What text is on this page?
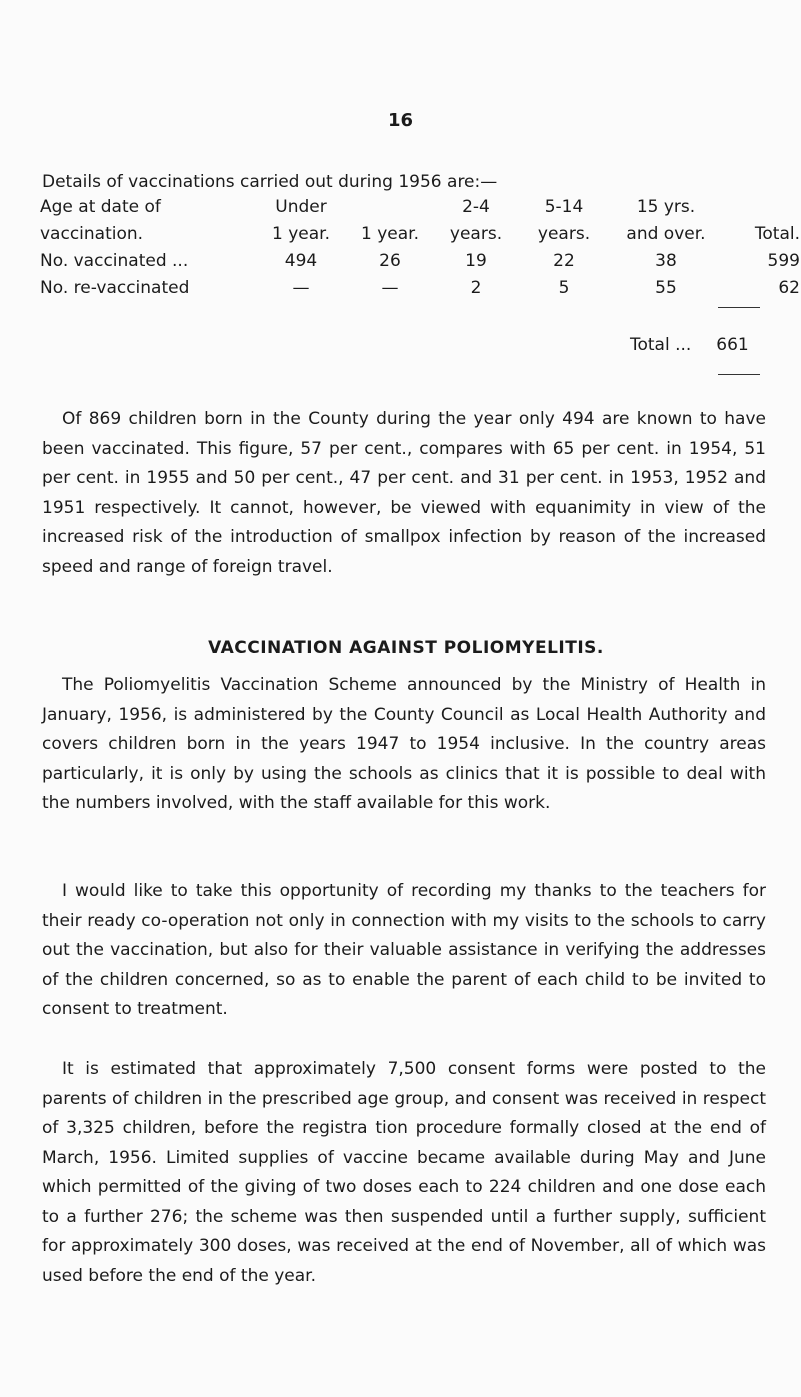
16
Details of vaccinations carried out during 1956 are:—
Age at date of	Under		2-4	5-14	15 yrs.	
vaccination.	1 year.	1 year.	years.	years.	and over.	Total.
No. vaccinated ...	494	26	19	22	38	599
No. re-vaccinated	—	—	2	5	55	62
Total ... 661

Of 869 children born in the County during the year only 494 are known to have been vaccinated. This figure, 57 per cent., compares with 65 per cent. in 1954, 51 per cent. in 1955 and 50 per cent., 47 per cent. and 31 per cent. in 1953, 1952 and 1951 respectively. It cannot, however, be viewed with equanimity in view of the increased risk of the introduction of smallpox infection by reason of the increased speed and range of foreign travel.

VACCINATION AGAINST POLIOMYELITIS.

The Poliomyelitis Vaccination Scheme announced by the Ministry of Health in January, 1956, is administered by the County Council as Local Health Authority and covers children born in the years 1947 to 1954 inclusive. In the country areas particularly, it is only by using the schools as clinics that it is possible to deal with the numbers involved, with the staff available for this work.

I would like to take this opportunity of recording my thanks to the teachers for their ready co-operation not only in connection with my visits to the schools to carry out the vaccination, but also for their valuable assistance in verifying the addresses of the children concerned, so as to enable the parent of each child to be invited to consent to treatment.

It is estimated that approximately 7,500 consent forms were posted to the parents of children in the prescribed age group, and consent was received in respect of 3,325 children, before the registra tion procedure formally closed at the end of March, 1956. Limited supplies of vaccine became available during May and June which permitted of the giving of two doses each to 224 children and one dose each to a further 276; the scheme was then suspended until a further supply, sufficient for approximately 300 doses, was received at the end of November, all of which was used before the end of the year.
